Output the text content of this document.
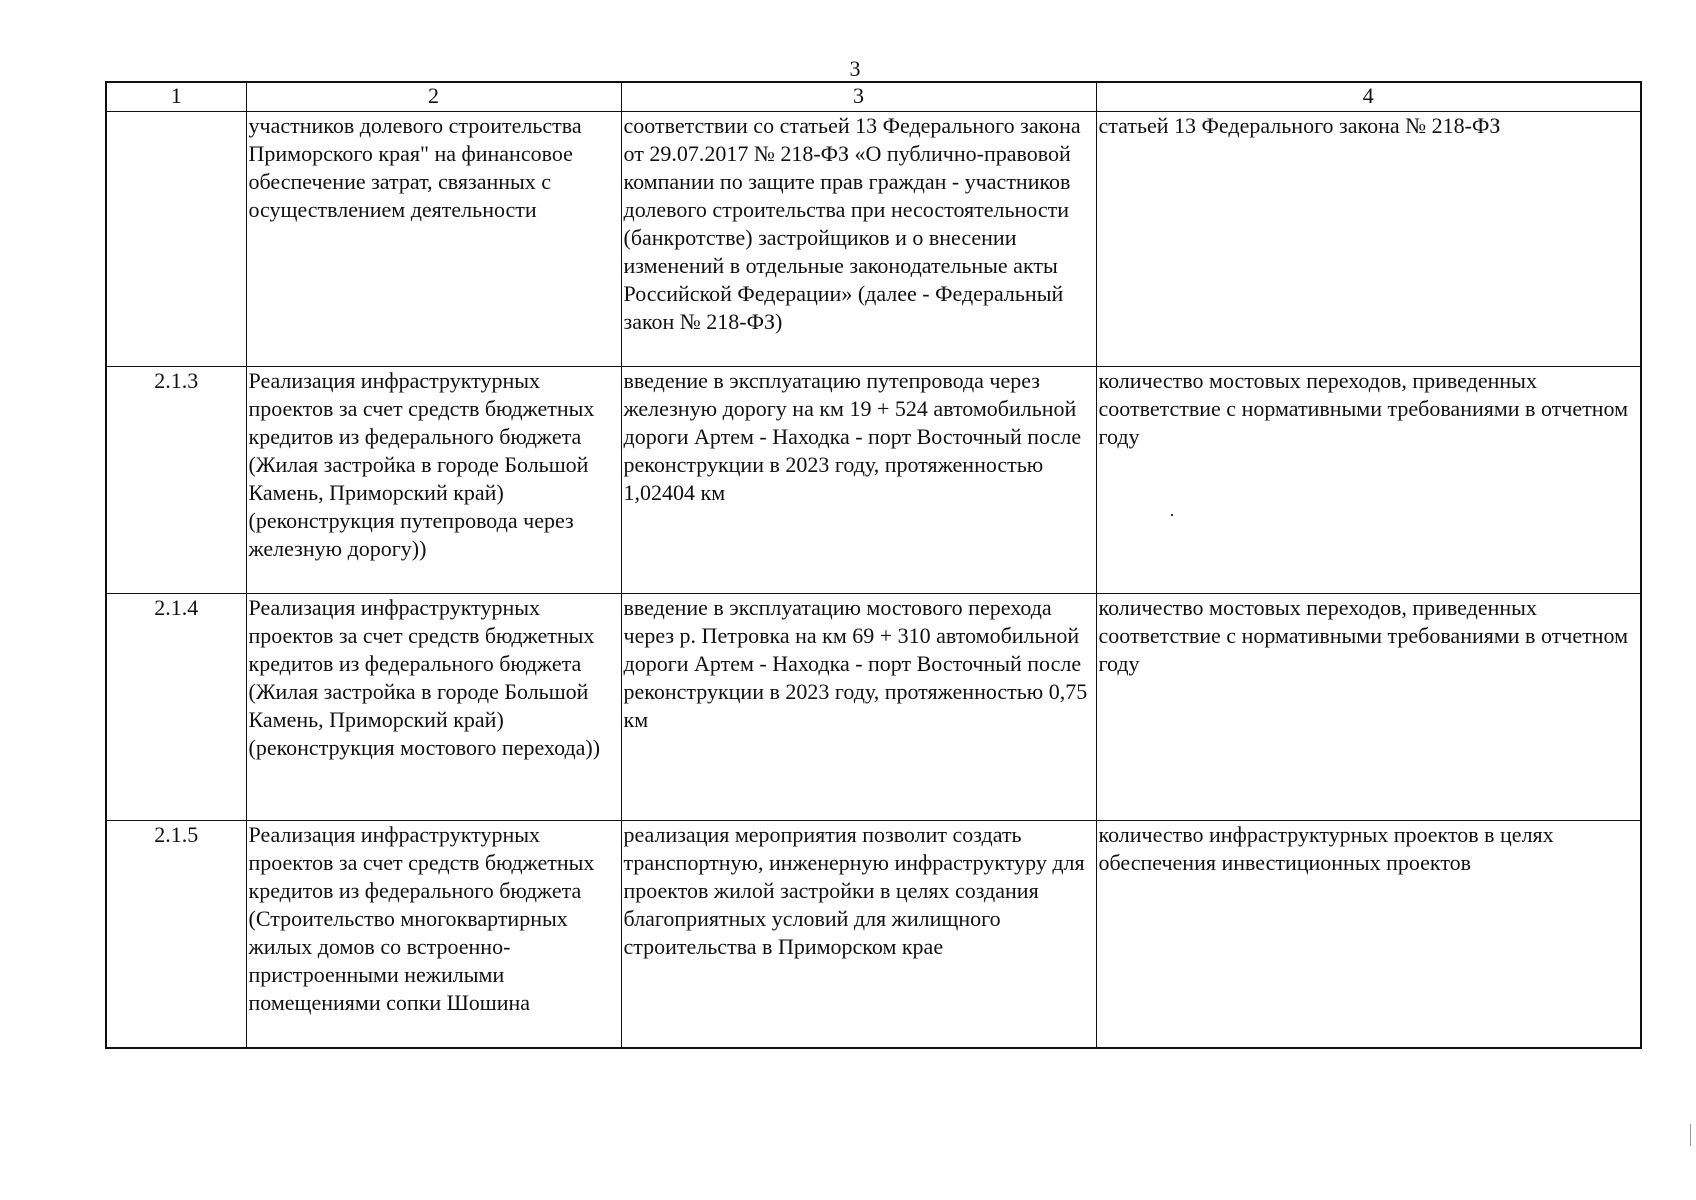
3
1	2	3	4
	участников долевого строительства Приморского края" на финансовое обеспечение затрат, связанных с осуществлением деятельности	соответствии со статьей 13 Федерального закона от 29.07.2017 № 218-ФЗ «О публично-правовой компании по защите прав граждан - участников долевого строительства при несостоятельности (банкротстве) застройщиков и о внесении изменений в отдельные законодательные акты Российской Федерации» (далее - Федеральный закон № 218-ФЗ)	статьей 13 Федерального закона № 218-ФЗ
2.1.3	Реализация инфраструктурных проектов за счет средств бюджетных кредитов из федерального бюджета (Жилая застройка в городе Большой Камень, Приморский край) (реконструкция путепровода через железную дорогу))	введение в эксплуатацию путепровода через железную дорогу на км 19 + 524 автомобильной дороги Артем - Находка - порт Восточный после реконструкции в 2023 году, протяженностью 1,02404 км	количество мостовых переходов, приведенных соответствие с нормативными требованиями в отчетном году
2.1.4	Реализация инфраструктурных проектов за счет средств бюджетных кредитов из федерального бюджета (Жилая застройка в городе Большой Камень, Приморский край) (реконструкция мостового перехода))	введение в эксплуатацию мостового перехода через р. Петровка на км 69 + 310 автомобильной дороги Артем - Находка - порт Восточный после реконструкции в 2023 году, протяженностью 0,75 км	количество мостовых переходов, приведенных соответствие с нормативными требованиями в отчетном году
2.1.5	Реализация инфраструктурных проектов за счет средств бюджетных кредитов из федерального бюджета (Строительство многоквартирных жилых домов со встроенно-пристроенными нежилыми помещениями сопки Шошина	реализация мероприятия позволит создать транспортную, инженерную инфраструктуру для проектов жилой застройки в целях создания благоприятных условий для жилищного строительства в Приморском крае	количество инфраструктурных проектов в целях обеспечения инвестиционных проектов
